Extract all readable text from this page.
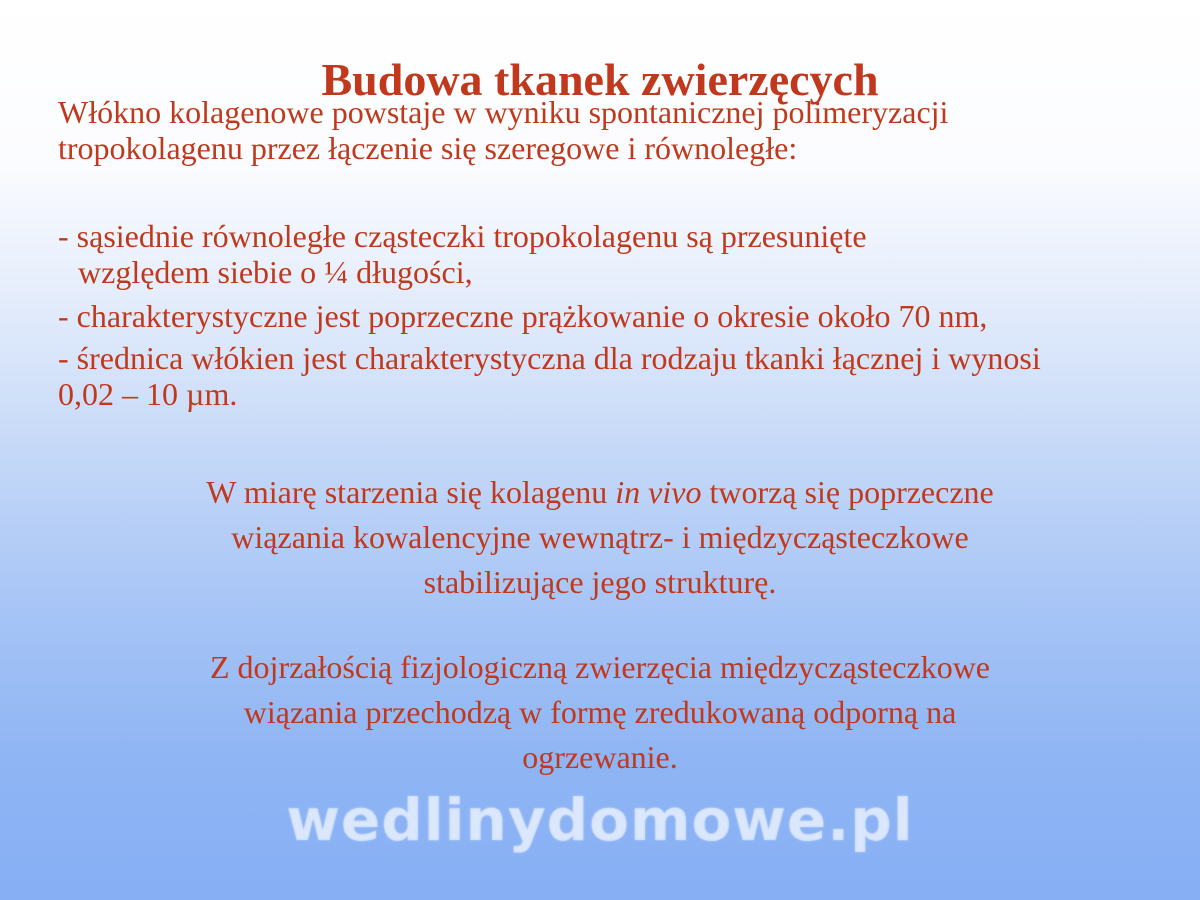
Budowa tkanek zwierzęcych

Włókno kolagenowe powstaje w wyniku spontanicznej polimeryzacji

tropokolagenu przez łączenie się szeregowe i równoległe:

- sąsiednie równoległe cząsteczki tropokolagenu są przesunięte
względem siebie o ¼ długości,

- charakterystyczne jest poprzeczne prążkowanie o okresie około 70 nm,

- średnica włókien jest charakterystyczna dla rodzaju tkanki łącznej i wynosi
0,02 – 10 µm.

W miarę starzenia się kolagenu in vivo tworzą się poprzeczne

wiązania kowalencyjne wewnątrz- i międzycząsteczkowe

stabilizujące jego strukturę.

Z dojrzałością fizjologiczną zwierzęcia międzycząsteczkowe

wiązania przechodzą w formę zredukowaną odporną na

ogrzewanie.

wedlinydomowe.pl
